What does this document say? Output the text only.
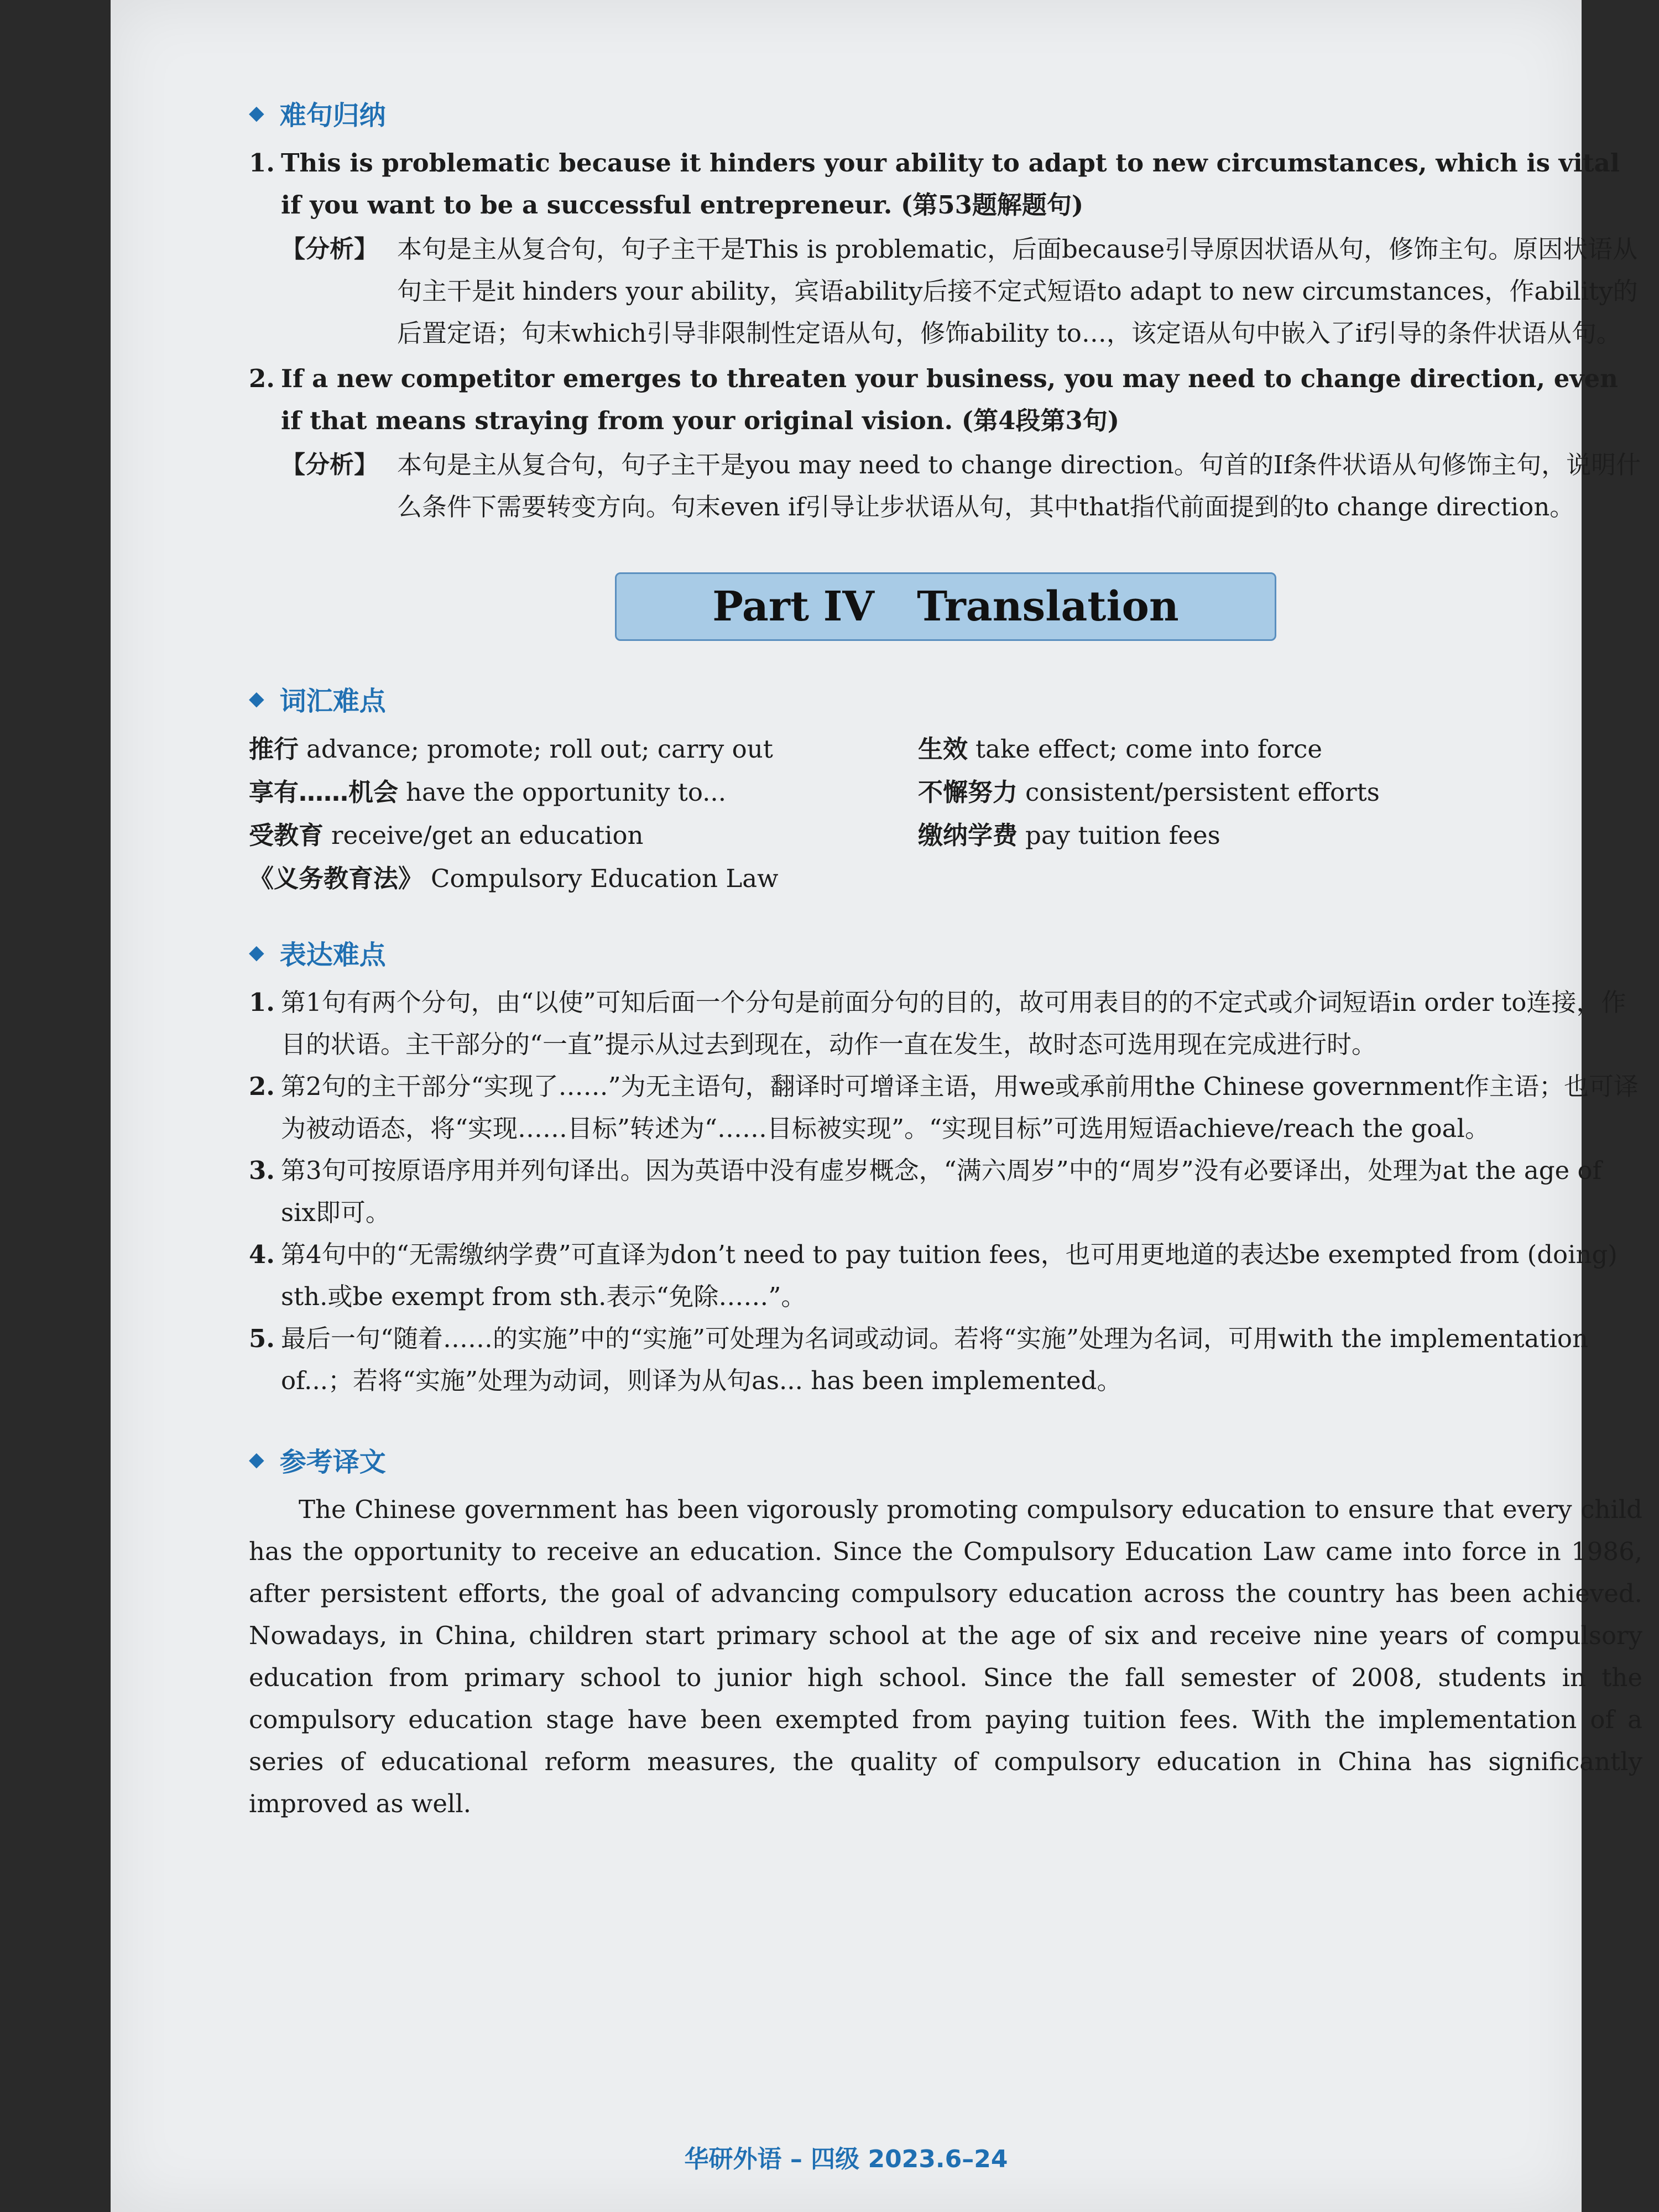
◆ 难句归纳
1. This is problematic because it hinders your ability to adapt to new circumstances, which is vital if you want to be a successful entrepreneur. (第53题解题句)

【分析】 本句是主从复合句，句子主干是This is problematic，后面because引导原因状语从句，修饰主句。原因状语从句主干是it hinders your ability，宾语ability后接不定式短语to adapt to new circumstances，作ability的后置定语；句末which引导非限制性定语从句，修饰ability to…，该定语从句中嵌入了if引导的条件状语从句。

2. If a new competitor emerges to threaten your business, you may need to change direction, even if that means straying from your original vision. (第4段第3句)

【分析】 本句是主从复合句，句子主干是you may need to change direction。句首的If条件状语从句修饰主句，说明什么条件下需要转变方向。句末even if引导让步状语从句，其中that指代前面提到的to change direction。

Part IV   Translation
◆ 词汇难点
推行 advance; promote; roll out; carry out	生效 take effect; come into force
享有……机会 have the opportunity to...	不懈努力 consistent/persistent efforts
受教育 receive/get an education	缴纳学费 pay tuition fees
《义务教育法》 Compulsory Education Law
◆ 表达难点
1. 第1句有两个分句，由“以使”可知后面一个分句是前面分句的目的，故可用表目的的不定式或介词短语in order to连接，作目的状语。主干部分的“一直”提示从过去到现在，动作一直在发生，故时态可选用现在完成进行时。

2. 第2句的主干部分“实现了……”为无主语句，翻译时可增译主语，用we或承前用the Chinese government作主语；也可译为被动语态，将“实现……目标”转述为“……目标被实现”。“实现目标”可选用短语achieve/reach the goal。

3. 第3句可按原语序用并列句译出。因为英语中没有虚岁概念，“满六周岁”中的“周岁”没有必要译出，处理为at the age of six即可。

4. 第4句中的“无需缴纳学费”可直译为don’t need to pay tuition fees，也可用更地道的表达be exempted from (doing) sth.或be exempt from sth.表示“免除……”。

5. 最后一句“随着……的实施”中的“实施”可处理为名词或动词。若将“实施”处理为名词，可用with the implementation of...；若将“实施”处理为动词，则译为从句as... has been implemented。

◆ 参考译文

The Chinese government has been vigorously promoting compulsory education to ensure that every child has the opportunity to receive an education. Since the Compulsory Education Law came into force in 1986, after persistent efforts, the goal of advancing compulsory education across the country has been achieved. Nowadays, in China, children start primary school at the age of six and receive nine years of compulsory education from primary school to junior high school. Since the fall semester of 2008, students in the compulsory education stage have been exempted from paying tuition fees. With the implementation of a series of educational reform measures, the quality of compulsory education in China has significantly improved as well.

华研外语 – 四级 2023.6–24
